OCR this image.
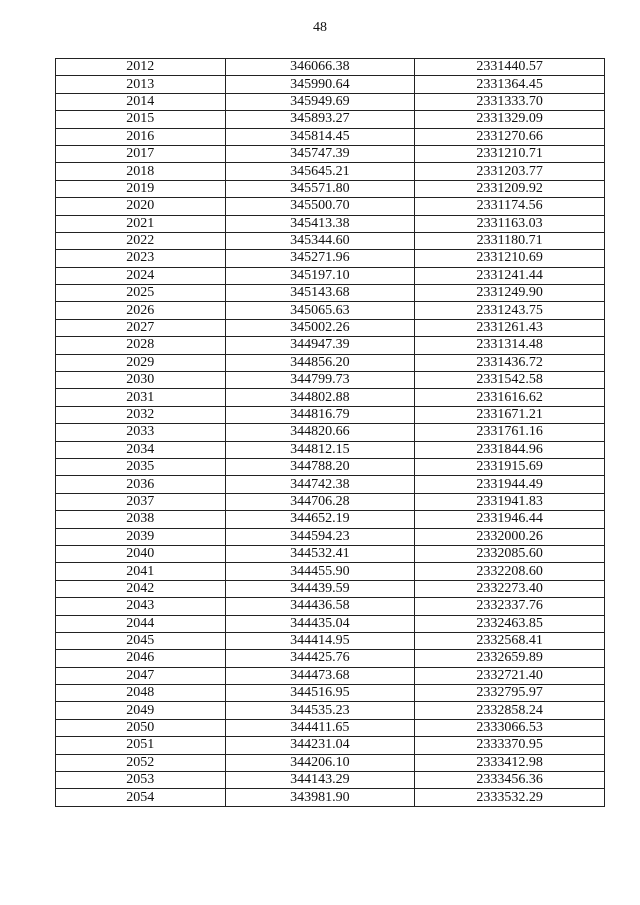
48
2012	346066.38	2331440.57
2013	345990.64	2331364.45
2014	345949.69	2331333.70
2015	345893.27	2331329.09
2016	345814.45	2331270.66
2017	345747.39	2331210.71
2018	345645.21	2331203.77
2019	345571.80	2331209.92
2020	345500.70	2331174.56
2021	345413.38	2331163.03
2022	345344.60	2331180.71
2023	345271.96	2331210.69
2024	345197.10	2331241.44
2025	345143.68	2331249.90
2026	345065.63	2331243.75
2027	345002.26	2331261.43
2028	344947.39	2331314.48
2029	344856.20	2331436.72
2030	344799.73	2331542.58
2031	344802.88	2331616.62
2032	344816.79	2331671.21
2033	344820.66	2331761.16
2034	344812.15	2331844.96
2035	344788.20	2331915.69
2036	344742.38	2331944.49
2037	344706.28	2331941.83
2038	344652.19	2331946.44
2039	344594.23	2332000.26
2040	344532.41	2332085.60
2041	344455.90	2332208.60
2042	344439.59	2332273.40
2043	344436.58	2332337.76
2044	344435.04	2332463.85
2045	344414.95	2332568.41
2046	344425.76	2332659.89
2047	344473.68	2332721.40
2048	344516.95	2332795.97
2049	344535.23	2332858.24
2050	344411.65	2333066.53
2051	344231.04	2333370.95
2052	344206.10	2333412.98
2053	344143.29	2333456.36
2054	343981.90	2333532.29
